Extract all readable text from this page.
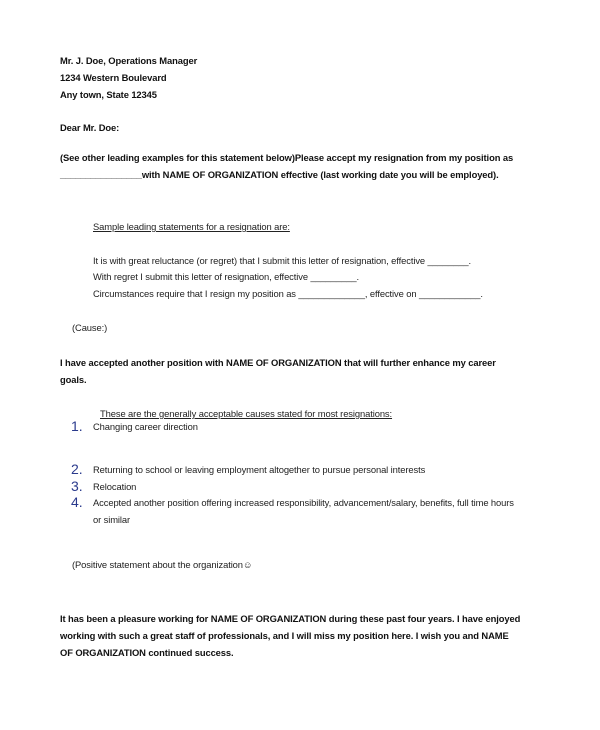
Mr. J. Doe, Operations Manager
1234 Western Boulevard
Any town, State 12345
Dear Mr. Doe:
(See other leading examples for this statement below)Please accept my resignation from my position as
________________with NAME OF ORGANIZATION effective (last working date you will be employed).
Sample leading statements for a resignation are:
It is with great reluctance (or regret) that I submit this letter of resignation, effective ________.
With regret I submit this letter of resignation, effective _________.
Circumstances require that I resign my position as _____________, effective on ____________.
(Cause:)
I have accepted another position with NAME OF ORGANIZATION that will further enhance my career
goals.
These are the generally acceptable causes stated for most resignations:
1. Changing career direction
2. Returning to school or leaving employment altogether to pursue personal interests
3. Relocation
4. Accepted another position offering increased responsibility, advancement/salary, benefits, full time hours
or similar
(Positive statement about the organization☺
It has been a pleasure working for NAME OF ORGANIZATION during these past four years. I have enjoyed
working with such a great staff of professionals, and I will miss my position here. I wish you and NAME
OF ORGANIZATION continued success.
